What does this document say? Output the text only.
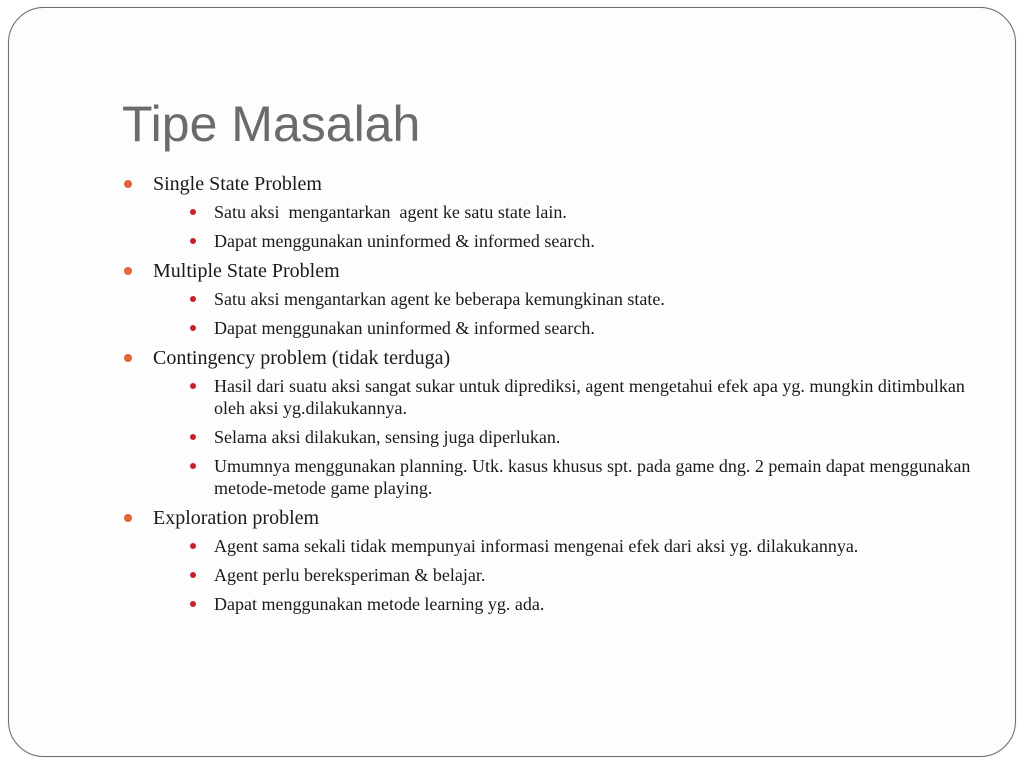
Tipe Masalah
Single State Problem
Satu aksi  mengantarkan  agent ke satu state lain.
Dapat menggunakan uninformed & informed search.
Multiple State Problem
Satu aksi mengantarkan agent ke beberapa kemungkinan state.
Dapat menggunakan uninformed & informed search.
Contingency problem (tidak terduga)
Hasil dari suatu aksi sangat sukar untuk diprediksi, agent mengetahui efek apa yg. mungkin ditimbulkan oleh aksi yg.dilakukannya.
Selama aksi dilakukan, sensing juga diperlukan.
Umumnya menggunakan planning. Utk. kasus khusus spt. pada game dng. 2 pemain dapat menggunakan metode-metode game playing.
Exploration problem
Agent sama sekali tidak mempunyai informasi mengenai efek dari aksi yg. dilakukannya.
Agent perlu bereksperiman & belajar.
Dapat menggunakan metode learning yg. ada.
